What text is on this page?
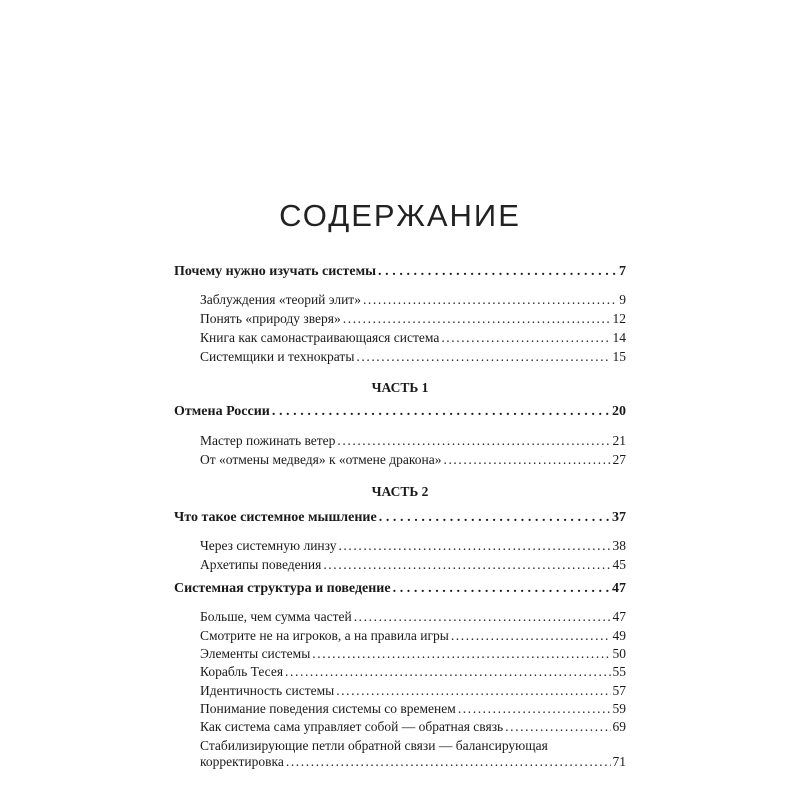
СОДЕРЖАНИЕ
Почему нужно изучать системы .....	7
Заблуждения «теорий элит» .....	9
Понять «природу зверя» .....	12
Книга как самонастраивающаяся система .....	14
Системщики и технократы .....	15
ЧАСТЬ 1
Отмена России .....	20
Мастер пожинать ветер .....	21
От «отмены медведя» к «отмене дракона» .....	27
ЧАСТЬ 2
Что такое системное мышление .....	37
Через системную линзу .....	38
Архетипы поведения .....	45
Системная структура и поведение .....	47
Больше, чем сумма частей .....	47
Смотрите не на игроков, а на правила игры .....	49
Элементы системы .....	50
Корабль Тесея .....	55
Идентичность системы .....	57
Понимание поведения системы со временем .....	59
Как система сама управляет собой — обратная связь .....	69
Стабилизирующие петли обратной связи — балансирующая
корректировка .....	71
